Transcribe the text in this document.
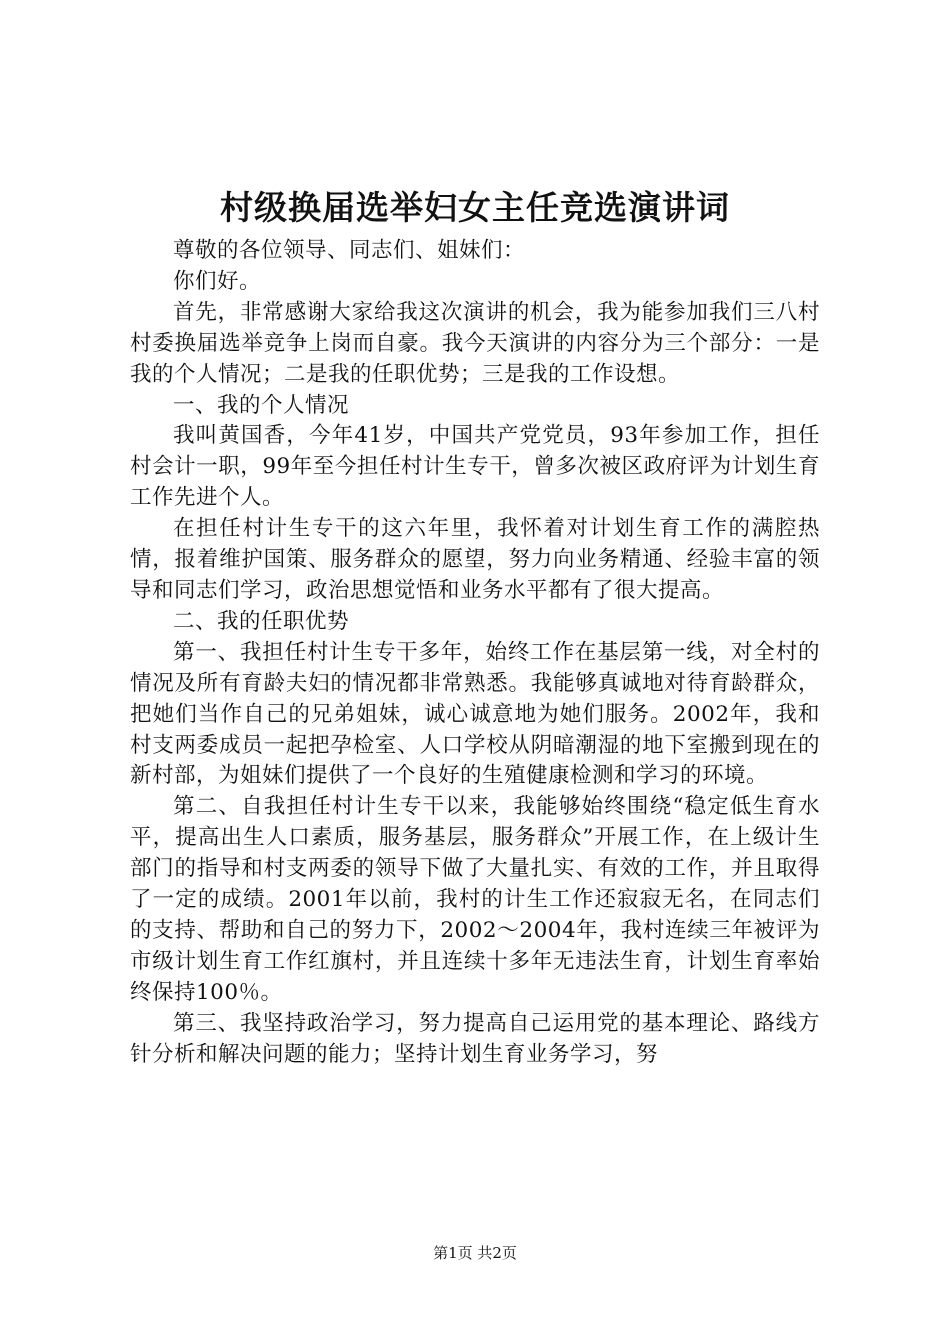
村级换届选举妇女主任竞选演讲词

尊敬的各位领导、同志们、姐妹们：

你们好。

首先，非常感谢大家给我这次演讲的机会，我为能参加我们三八村村委换届选举竞争上岗而自豪。我今天演讲的内容分为三个部分：一是我的个人情况；二是我的任职优势；三是我的工作设想。

一、我的个人情况

我叫黄国香，今年41岁，中国共产党党员，93年参加工作，担任村会计一职，99年至今担任村计生专干，曾多次被区政府评为计划生育工作先进个人。

在担任村计生专干的这六年里，我怀着对计划生育工作的满腔热情，报着维护国策、服务群众的愿望，努力向业务精通、经验丰富的领导和同志们学习，政治思想觉悟和业务水平都有了很大提高。

二、我的任职优势

第一、我担任村计生专干多年，始终工作在基层第一线，对全村的情况及所有育龄夫妇的情况都非常熟悉。我能够真诚地对待育龄群众，把她们当作自己的兄弟姐妹，诚心诚意地为她们服务。2002年，我和村支两委成员一起把孕检室、人口学校从阴暗潮湿的地下室搬到现在的新村部，为姐妹们提供了一个良好的生殖健康检测和学习的环境。

第二、自我担任村计生专干以来，我能够始终围绕“稳定低生育水平，提高出生人口素质，服务基层，服务群众”开展工作，在上级计生部门的指导和村支两委的领导下做了大量扎实、有效的工作，并且取得了一定的成绩。2001年以前，我村的计生工作还寂寂无名，在同志们的支持、帮助和自己的努力下，2002～2004年，我村连续三年被评为市级计划生育工作红旗村，并且连续十多年无违法生育，计划生育率始终保持100％。

第三、我坚持政治学习，努力提高自己运用党的基本理论、路线方针分析和解决问题的能力；坚持计划生育业务学习，努

第1页 共2页
